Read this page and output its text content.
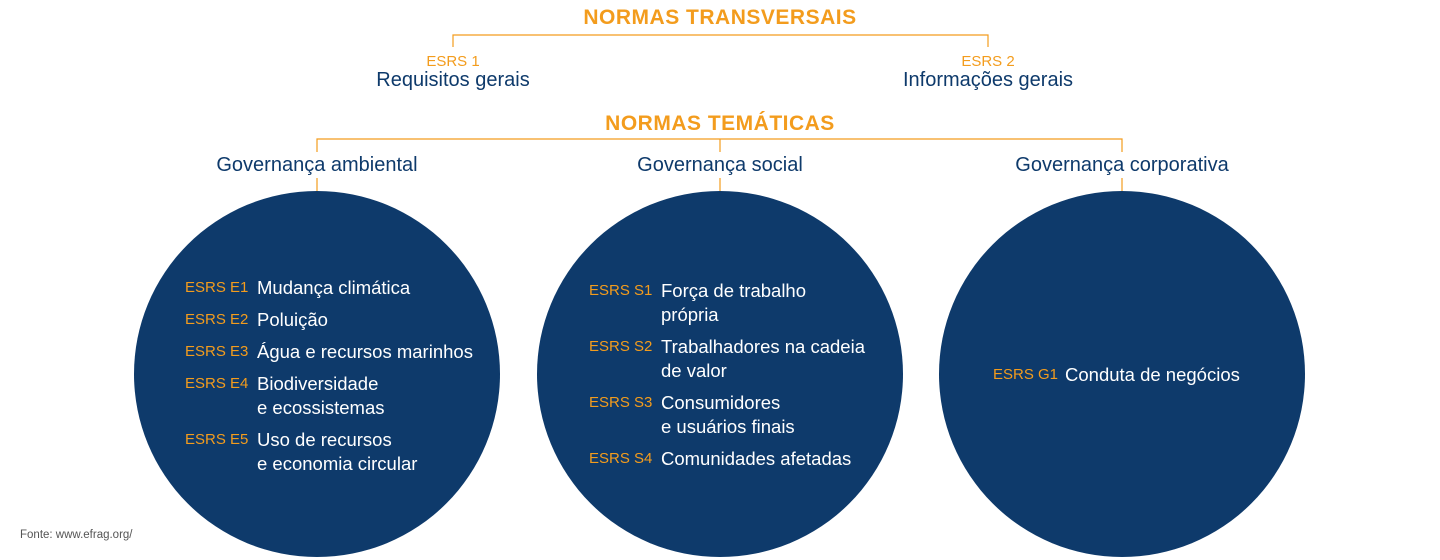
NORMAS TRANSVERSAIS
ESRS 1
Requisitos gerais
ESRS 2
Informações gerais
NORMAS TEMÁTICAS
Governança ambiental	Governança social	Governança corporativa
ESRS E1 Mudança climática
ESRS E2 Poluição
ESRS E3 Água e recursos marinhos
ESRS E4 Biodiversidade
e ecossistemas
ESRS E5 Uso de recursos
e economia circular
ESRS S1 Força de trabalho
própria
ESRS S2 Trabalhadores na cadeia
de valor
ESRS S3 Consumidores
e usuários finais
ESRS S4 Comunidades afetadas
ESRS G1 Conduta de negócios
Fonte: www.efrag.org/
